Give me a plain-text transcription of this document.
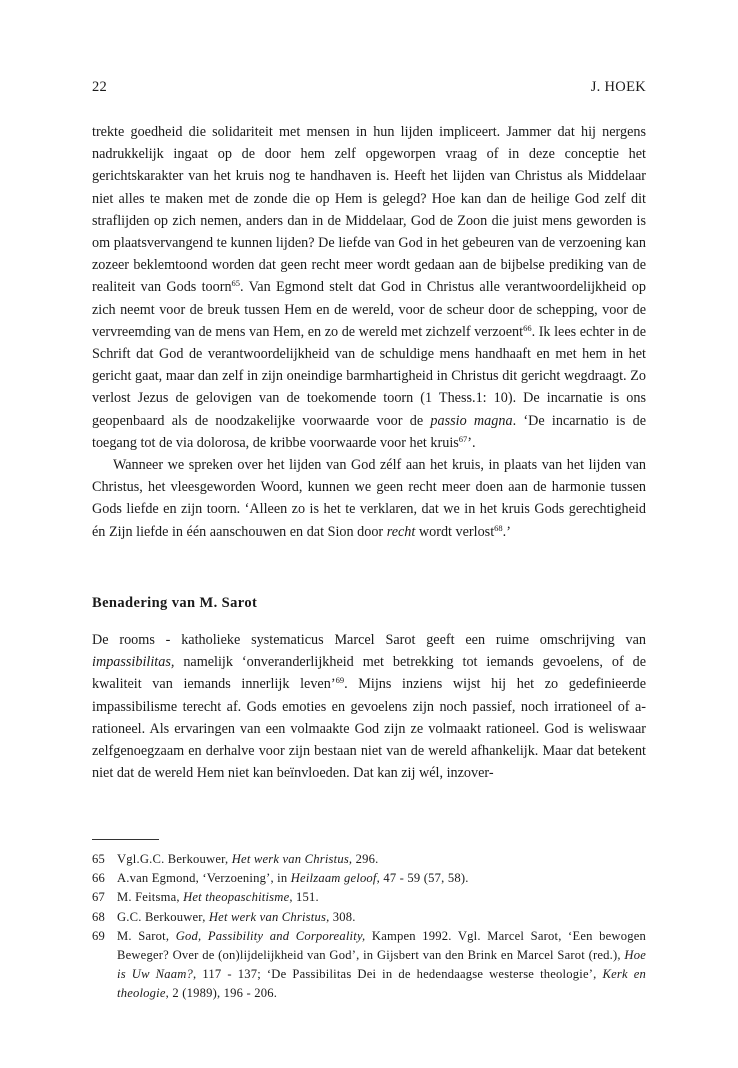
22	J. HOEK

trekte goedheid die solidariteit met mensen in hun lijden impliceert. Jammer dat hij nergens nadrukkelijk ingaat op de door hem zelf opgeworpen vraag of in deze conceptie het gerichtskarakter van het kruis nog te handhaven is. Heeft het lijden van Christus als Middelaar niet alles te maken met de zonde die op Hem is gelegd? Hoe kan dan de heilige God zelf dit straflijden op zich nemen, anders dan in de Middelaar, God de Zoon die juist mens geworden is om plaatsvervangend te kunnen lijden? De liefde van God in het gebeuren van de verzoening kan zozeer beklemtoond worden dat geen recht meer wordt gedaan aan de bijbelse prediking van de realiteit van Gods toorn$^{65}$. Van Egmond stelt dat God in Christus alle verantwoordelijkheid op zich neemt voor de breuk tussen Hem en de wereld, voor de scheur door de schepping, voor de vervreemding van de mens van Hem, en zo de wereld met zichzelf verzoent$^{66}$. Ik lees echter in de Schrift dat God de verantwoordelijkheid van de schuldige mens handhaaft en met hem in het gericht gaat, maar dan zelf in zijn oneindige barmhartigheid in Christus dit gericht wegdraagt. Zo verlost Jezus de gelovigen van de toekomende toorn (1 Thess.1: 10). De incarnatie is ons geopenbaard als de noodzakelijke voorwaarde voor de passio magna. ‘De incarnatio is de toegang tot de via dolorosa, de kribbe voorwaarde voor het kruis$^{67}$’.

Wanneer we spreken over het lijden van God zélf aan het kruis, in plaats van het lijden van Christus, het vleesgeworden Woord, kunnen we geen recht meer doen aan de harmonie tussen Gods liefde en zijn toorn. ‘Alleen zo is het te verklaren, dat we in het kruis Gods gerechtigheid én Zijn liefde in één aanschouwen en dat Sion door recht wordt verlost$^{68}$.’

Benadering van M. Sarot

De rooms - katholieke systematicus Marcel Sarot geeft een ruime omschrijving van impassibilitas, namelijk ‘onveranderlijkheid met betrekking tot iemands gevoelens, of de kwaliteit van iemands innerlijk leven’$^{69}$. Mijns inziens wijst hij het zo gedefinieerde impassibilisme terecht af. Gods emoties en gevoelens zijn noch passief, noch irrationeel of a-rationeel. Als ervaringen van een volmaakte God zijn ze volmaakt rationeel. God is weliswaar zelfgenoegzaam en derhalve voor zijn bestaan niet van de wereld afhankelijk. Maar dat betekent niet dat de wereld Hem niet kan beïnvloeden. Dat kan zij wél, inzover-

65 Vgl.G.C. Berkouwer, Het werk van Christus, 296.
66 A.van Egmond, ‘Verzoening’, in Heilzaam geloof, 47 - 59 (57, 58).
67 M. Feitsma, Het theopaschitisme, 151.
68 G.C. Berkouwer, Het werk van Christus, 308.
69 M. Sarot, God, Passibility and Corporeality, Kampen 1992. Vgl. Marcel Sarot, ‘Een bewogen Beweger? Over de (on)lijdelijkheid van God’, in Gijsbert van den Brink en Marcel Sarot (red.), Hoe is Uw Naam?, 117 - 137; ‘De Passibilitas Dei in de hedendaagse westerse theologie’, Kerk en theologie, 2 (1989), 196 - 206.
